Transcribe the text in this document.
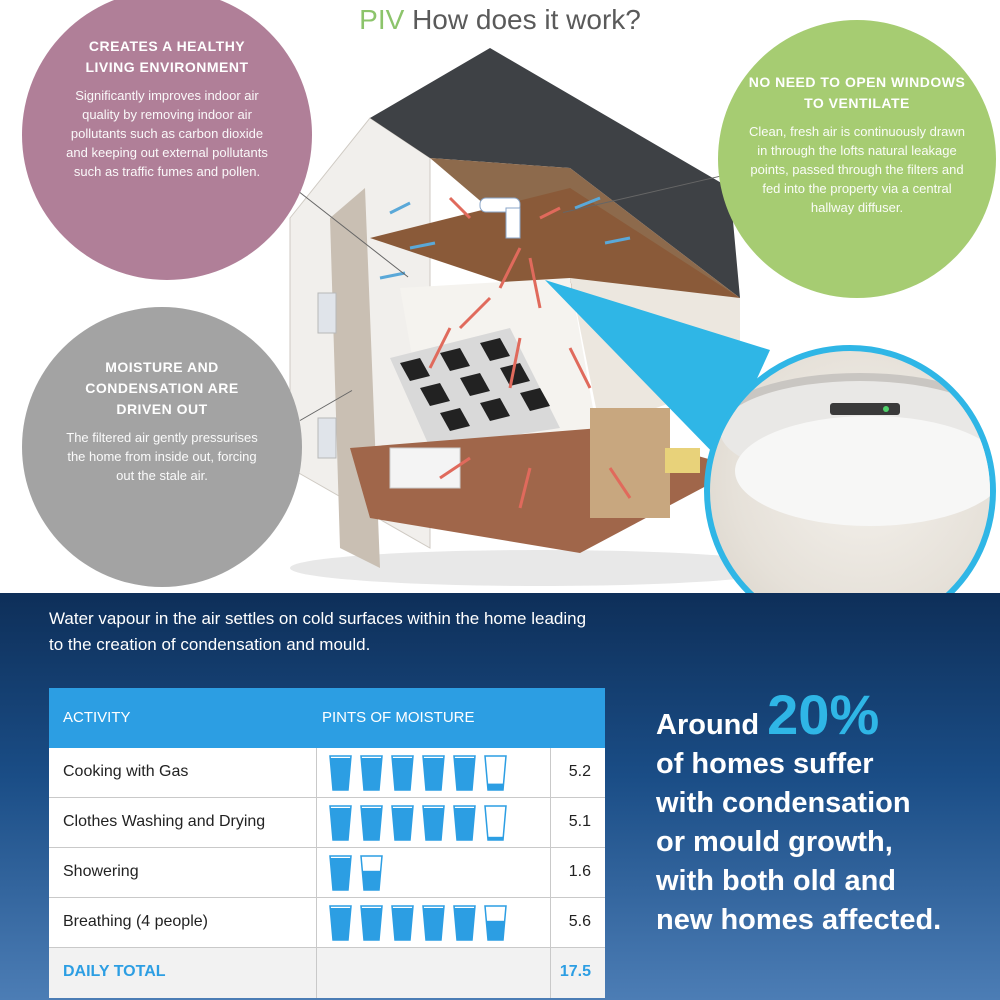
PIV How does it work?
CREATES A HEALTHY LIVING ENVIRONMENT
Significantly improves indoor air quality by removing indoor air pollutants such as carbon dioxide and keeping out external pollutants such as traffic fumes and pollen.
NO NEED TO OPEN WINDOWS TO VENTILATE
Clean, fresh air is continuously drawn in through the lofts natural leakage points, passed through the filters and fed into the property via a central hallway diffuser.
MOISTURE AND CONDENSATION ARE DRIVEN OUT
The filtered air gently pressurises the home from inside out, forcing out the stale air.
Water vapour in the air settles on cold surfaces within the home leading to the creation of condensation and mould.
ACTIVITY	PINTS OF MOISTURE
Cooking with Gas	5.2
Clothes Washing and Drying	5.1
Showering	1.6
Breathing (4 people)	5.6
DAILY TOTAL	17.5
Around 20%
of homes suffer
with condensation
or mould growth,
with both old and
new homes affected.
